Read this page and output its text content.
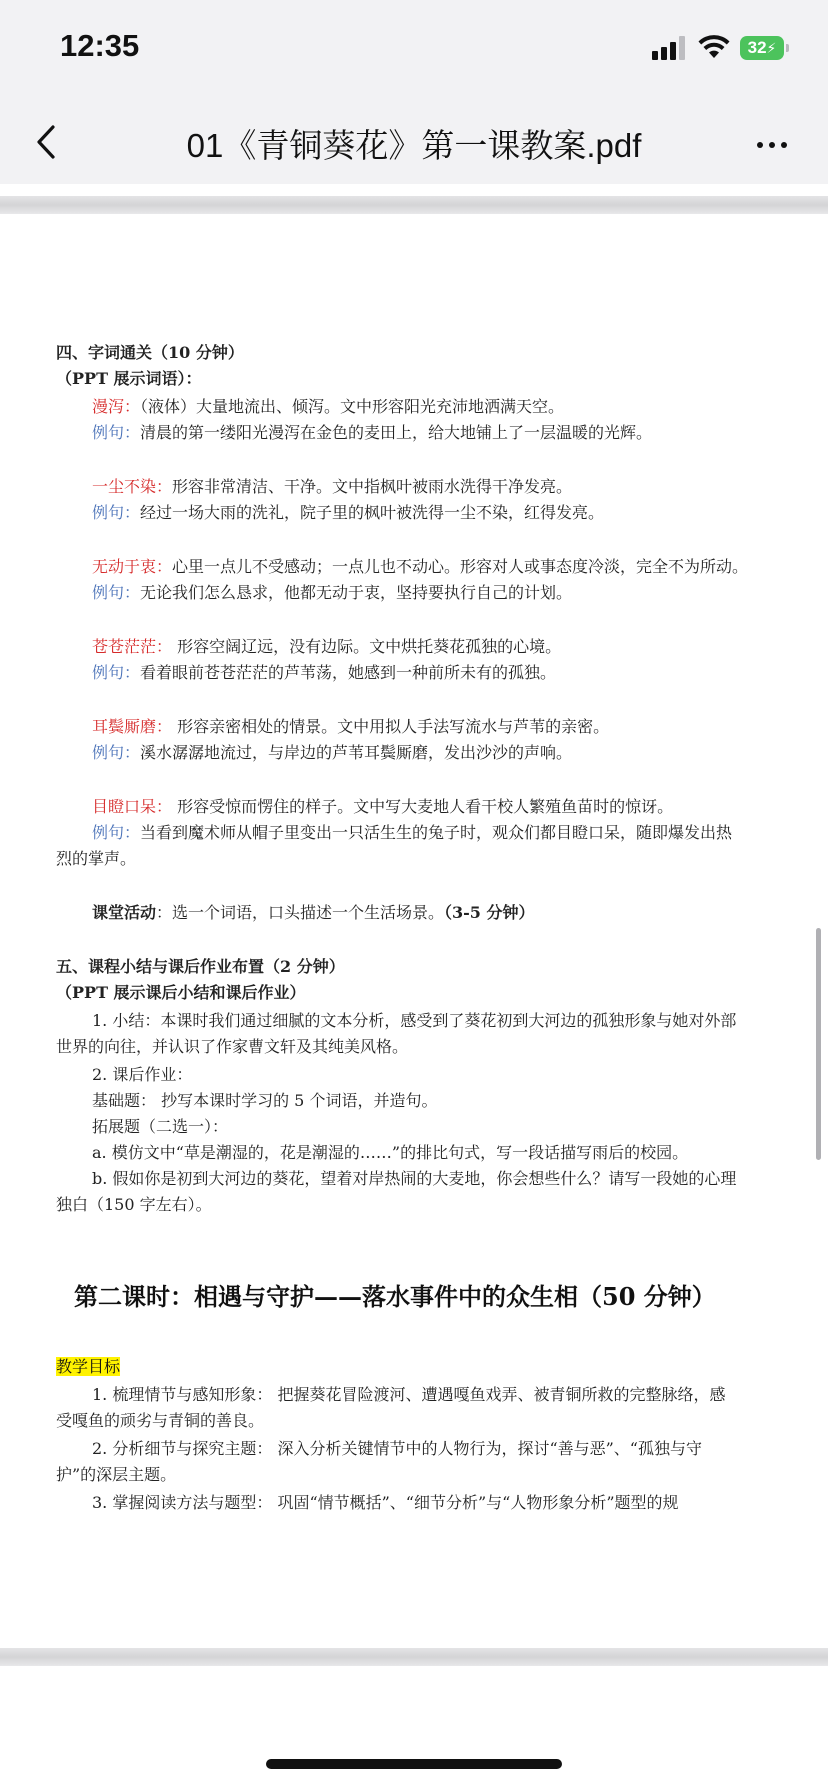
12:35	32 ⚡
01《青铜葵花》第一课教案.pdf
四、字词通关（10 分钟）
（PPT 展示词语）：
漫泻：（液体）大量地流出、倾泻。文中形容阳光充沛地洒满天空。
例句：清晨的第一缕阳光漫泻在金色的麦田上，给大地铺上了一层温暖的光辉。
一尘不染：形容非常清洁、干净。文中指枫叶被雨水洗得干净发亮。
例句：经过一场大雨的洗礼，院子里的枫叶被洗得一尘不染，红得发亮。
无动于衷：心里一点儿不受感动；一点儿也不动心。形容对人或事态度冷淡，完全不为所动。
例句：无论我们怎么恳求，他都无动于衷，坚持要执行自己的计划。
苍苍茫茫： 形容空阔辽远，没有边际。文中烘托葵花孤独的心境。
例句：看着眼前苍苍茫茫的芦苇荡，她感到一种前所未有的孤独。
耳鬓厮磨： 形容亲密相处的情景。文中用拟人手法写流水与芦苇的亲密。
例句：溪水潺潺地流过，与岸边的芦苇耳鬓厮磨，发出沙沙的声响。
目瞪口呆： 形容受惊而愣住的样子。文中写大麦地人看干校人繁殖鱼苗时的惊讶。
例句：当看到魔术师从帽子里变出一只活生生的兔子时，观众们都目瞪口呆，随即爆发出热
烈的掌声。
课堂活动：选一个词语，口头描述一个生活场景。（3-5 分钟）
五、课程小结与课后作业布置（2 分钟）
（PPT 展示课后小结和课后作业）
1. 小结：本课时我们通过细腻的文本分析，感受到了葵花初到大河边的孤独形象与她对外部
世界的向往，并认识了作家曹文轩及其纯美风格。
2. 课后作业：
基础题： 抄写本课时学习的 5 个词语，并造句。
拓展题（二选一）：
a. 模仿文中“草是潮湿的，花是潮湿的……”的排比句式，写一段话描写雨后的校园。
b. 假如你是初到大河边的葵花，望着对岸热闹的大麦地，你会想些什么？请写一段她的心理
独白（150 字左右）。
第二课时：相遇与守护——落水事件中的众生相（50 分钟）
教学目标
1. 梳理情节与感知形象： 把握葵花冒险渡河、遭遇嘎鱼戏弄、被青铜所救的完整脉络，感
受嘎鱼的顽劣与青铜的善良。
2. 分析细节与探究主题： 深入分析关键情节中的人物行为，探讨“善与恶”、“孤独与守
护”的深层主题。
3. 掌握阅读方法与题型： 巩固“情节概括”、“细节分析”与“人物形象分析”题型的规
